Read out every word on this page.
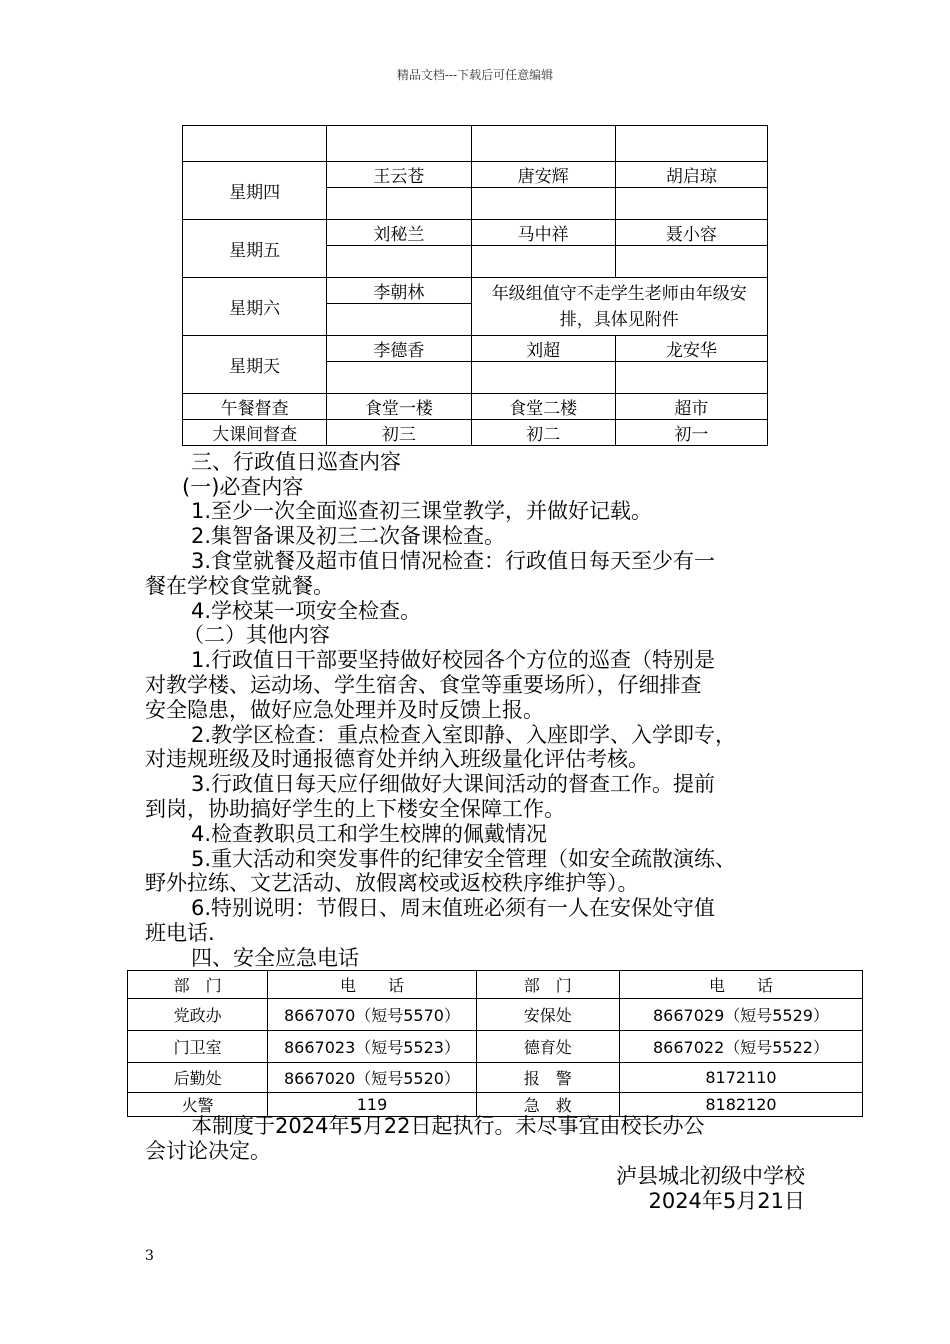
精品文档---下载后可任意编辑

星期四	王云苍	唐安辉	胡启琼

星期五	刘秘兰	马中祥	聂小容

星期六	李朝林	年级组值守不走学生老师由年级安排，具体见附件	

星期天	李德香	刘超	龙安华

午餐督查	食堂一楼	食堂二楼	超市
大课间督查	初三	初二	初一
三、行政值日巡查内容
(一)必查内容
1.至少一次全面巡查初三课堂教学，并做好记载。
2.集智备课及初三二次备课检查。
3.食堂就餐及超市值日情况检查：行政值日每天至少有一
餐在学校食堂就餐。
4.学校某一项安全检查。
（二）其他内容
1.行政值日干部要坚持做好校园各个方位的巡查（特别是
对教学楼、运动场、学生宿舍、食堂等重要场所），仔细排查
安全隐患，做好应急处理并及时反馈上报。
2.教学区检查：重点检查入室即静、入座即学、入学即专，
对违规班级及时通报德育处并纳入班级量化评估考核。
3.行政值日每天应仔细做好大课间活动的督查工作。提前
到岗，协助搞好学生的上下楼安全保障工作。
4.检查教职员工和学生校牌的佩戴情况
5.重大活动和突发事件的纪律安全管理（如安全疏散演练、
野外拉练、文艺活动、放假离校或返校秩序维护等）。
6.特别说明：节假日、周末值班必须有一人在安保处守值
班电话.
四、安全应急电话
部　门	电　　话	部　门	电　　话
党政办	8667070（短号5570）	安保处	8667029（短号5529）
门卫室	8667023（短号5523）	德育处	8667022（短号5522）
后勤处	8667020（短号5520）	报　警	8172110
火警	119	急　救	8182120
本制度于2024年5月22日起执行。未尽事宜由校长办公
会讨论决定。
泸县城北初级中学校
2024年5月21日
3
